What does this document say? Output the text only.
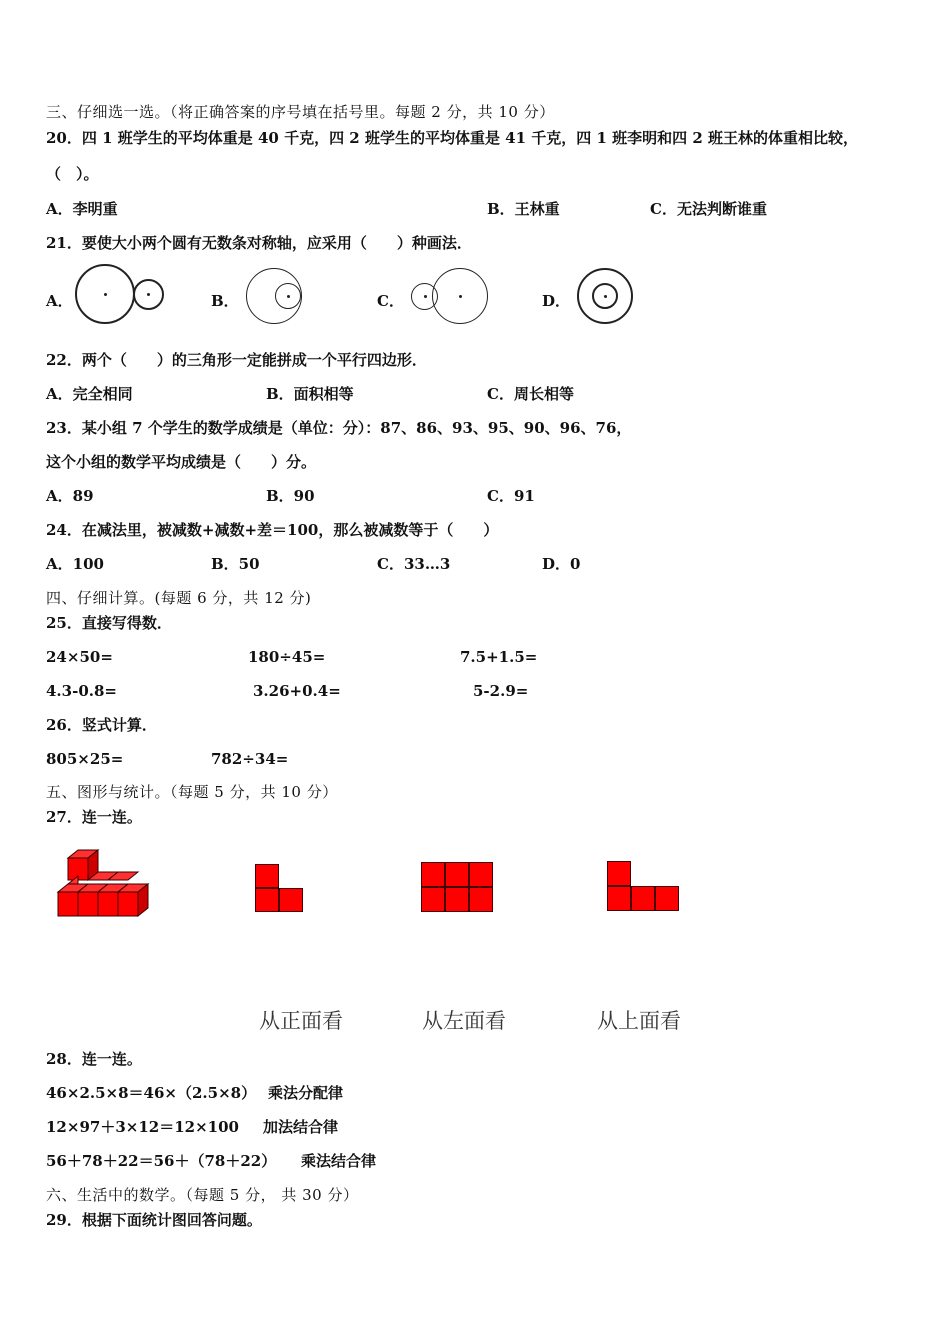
三、仔细选一选。（将正确答案的序号填在括号里。每题 2 分，共 10 分）
20．四 1 班学生的平均体重是 40 千克，四 2 班学生的平均体重是 41 千克，四 1 班李明和四 2 班王林的体重相比较，
（　）。
A．李明重	B．王林重	C．无法判断谁重
21．要使大小两个圆有无数条对称轴，应采用（　　）种画法．
A．	B．	C．	D．
22．两个（　　）的三角形一定能拼成一个平行四边形．
A．完全相同	B．面积相等	C．周长相等
23．某小组 7 个学生的数学成绩是（单位：分）：87、86、93、95、90、96、76，
这个小组的数学平均成绩是（　　）分。
A．89	B．90	C．91
24．在减法里，被减数+减数+差＝100，那么被减数等于（　　）
A．100	B．50	C．33…3	D．0
四、仔细计算。(每题 6 分，共 12 分)
25．直接写得数．
24×50=	180÷45=	7.5+1.5=
4.3-0.8=	3.26+0.4=	5-2.9=
26．竖式计算．
805×25=	782÷34=
五、图形与统计。（每题 5 分，共 10 分）
27．连一连。
从正面看	从左面看	从上面看
28．连一连。
46×2.5×8＝46×（2.5×8） 乘法分配律
12×97＋3×12＝12×100 加法结合律
56＋78＋22＝56＋（78＋22） 乘法结合律
六、生活中的数学。（每题 5 分， 共 30 分）
29．根据下面统计图回答问题。
